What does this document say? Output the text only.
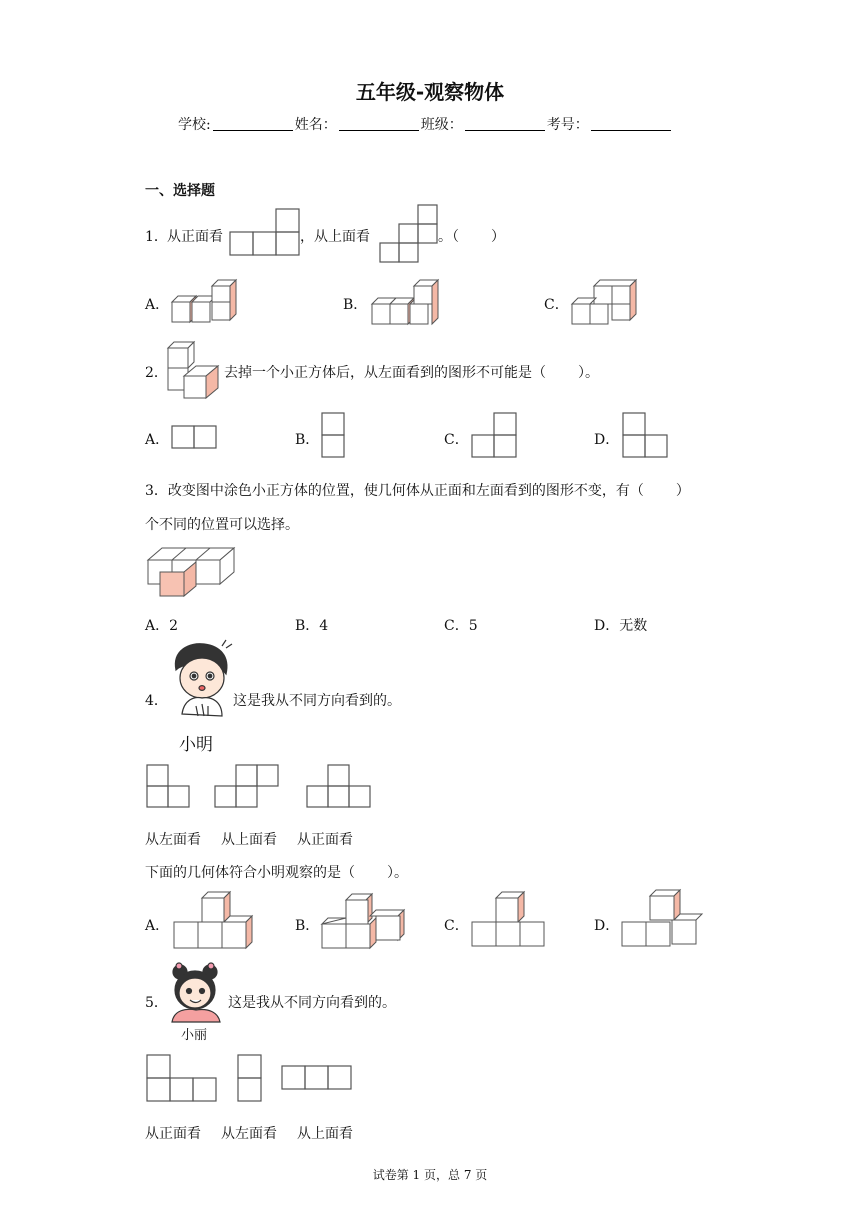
五年级-观察物体
学校:	姓名：	班级：	考号：
一、选择题
1． 从正面看	，从上面看	。（ ）
A．	B．	C．
2．	去掉一个小正方体后，从左面看到的图形不可能是（ ）。
A．	B．	C．	D．
3．改变图中涂色小正方体的位置，使几何体从正面和左面看到的图形不变，有（ ）
个不同的位置可以选择。
A．2	B．4	C．5	D．无数
4．	这是我从不同方向看到的。
小明
从左面看 从上面看 从正面看
下面的几何体符合小明观察的是（ ）。
A．	B．	C．	D．
5．	这是我从不同方向看到的。
小丽
从正面看 从左面看 从上面看
试卷第 1 页，总 7 页
